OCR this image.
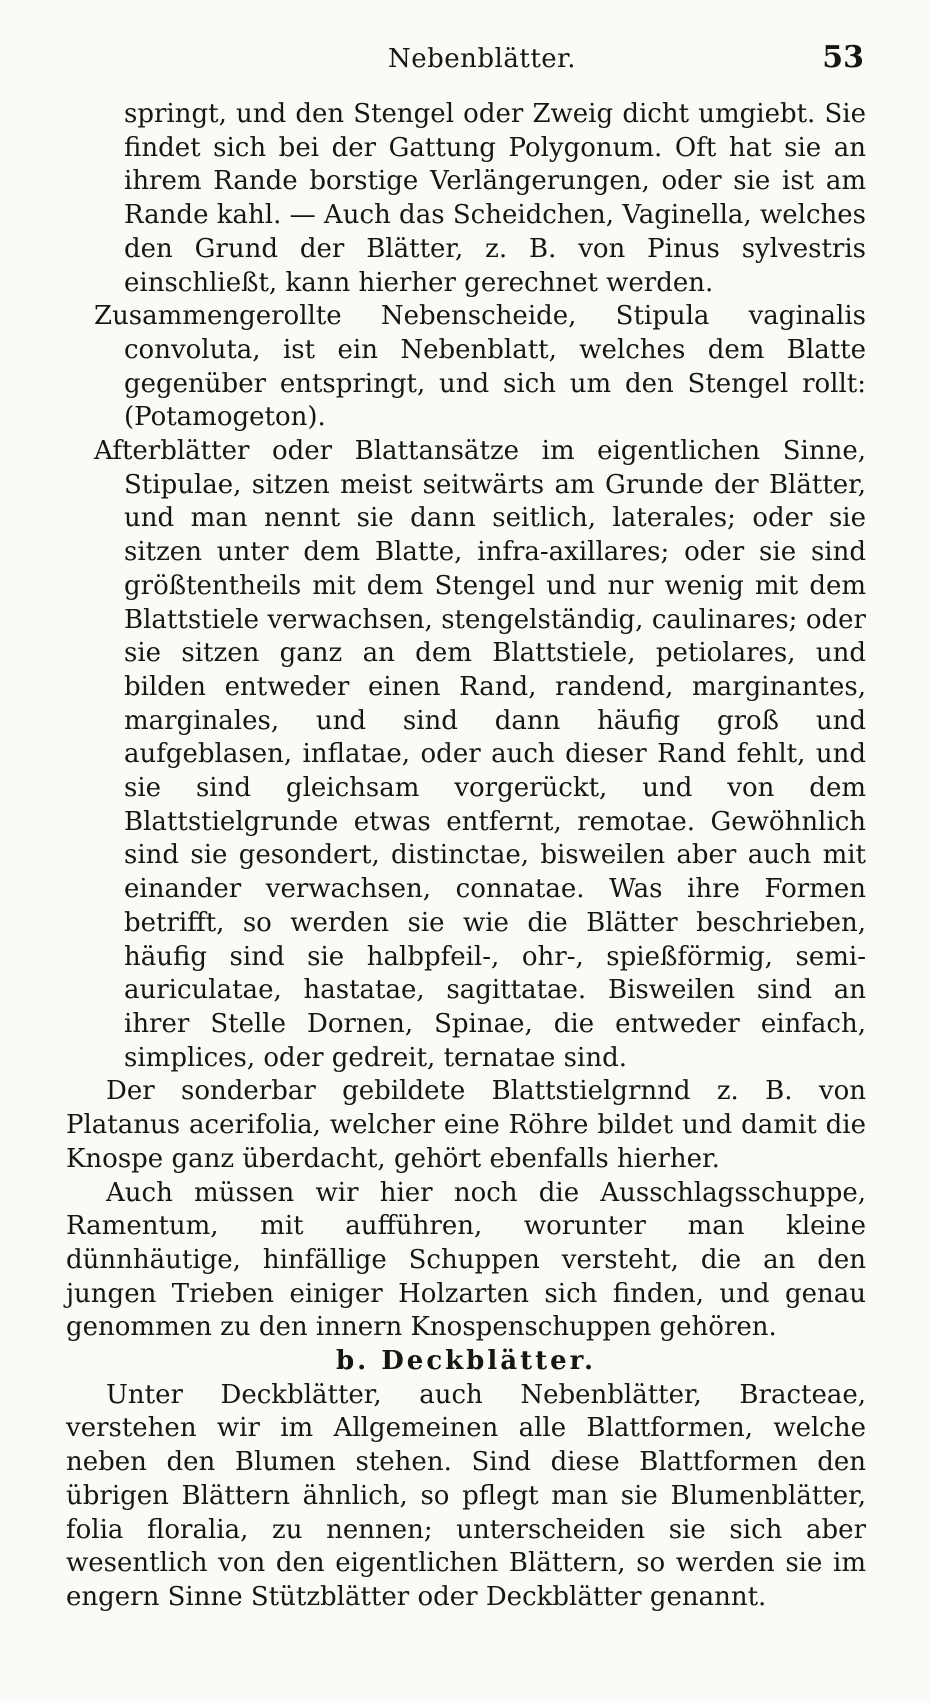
Nebenblätter.	53

springt, und den Stengel oder Zweig dicht umgiebt. Sie findet sich bei der Gattung Polygonum. Oft hat sie an ihrem Rande borstige Verlängerungen, oder sie ist am Rande kahl. — Auch das Scheidchen, Vaginella, welches den Grund der Blätter, z. B. von Pinus sylvestris einschließt, kann hierher gerechnet werden.

Zusammengerollte Nebenscheide, Stipula vaginalis convoluta, ist ein Nebenblatt, welches dem Blatte gegenüber entspringt, und sich um den Stengel rollt: (Potamogeton).

Afterblätter oder Blattansätze im eigentlichen Sinne, Stipulae, sitzen meist seitwärts am Grunde der Blätter, und man nennt sie dann seitlich, laterales; oder sie sitzen unter dem Blatte, infra-axillares; oder sie sind größtentheils mit dem Stengel und nur wenig mit dem Blattstiele verwachsen, stengelständig, caulinares; oder sie sitzen ganz an dem Blattstiele, petiolares, und bilden entweder einen Rand, randend, marginantes, marginales, und sind dann häufig groß und aufgeblasen, inflatae, oder auch dieser Rand fehlt, und sie sind gleichsam vorgerückt, und von dem Blattstielgrunde etwas entfernt, remotae. Gewöhnlich sind sie gesondert, distinctae, bisweilen aber auch mit einander verwachsen, connatae. Was ihre Formen betrifft, so werden sie wie die Blätter beschrieben, häufig sind sie halbpfeil-, ohr-, spießförmig, semi-auriculatae, hastatae, sagittatae. Bisweilen sind an ihrer Stelle Dornen, Spinae, die entweder einfach, simplices, oder gedreit, ternatae sind.

Der sonderbar gebildete Blattstielgrnnd z. B. von Platanus acerifolia, welcher eine Röhre bildet und damit die Knospe ganz überdacht, gehört ebenfalls hierher.

Auch müssen wir hier noch die Ausschlagsschuppe, Ramentum, mit aufführen, worunter man kleine dünnhäutige, hinfällige Schuppen versteht, die an den jungen Trieben einiger Holzarten sich finden, und genau genommen zu den innern Knospenschuppen gehören.

b. Deckblätter.

Unter Deckblätter, auch Nebenblätter, Bracteae, verstehen wir im Allgemeinen alle Blattformen, welche neben den Blumen stehen. Sind diese Blattformen den übrigen Blättern ähnlich, so pflegt man sie Blumenblätter, folia floralia, zu nennen; unterscheiden sie sich aber wesentlich von den eigentlichen Blättern, so werden sie im engern Sinne Stützblätter oder Deckblätter genannt.
